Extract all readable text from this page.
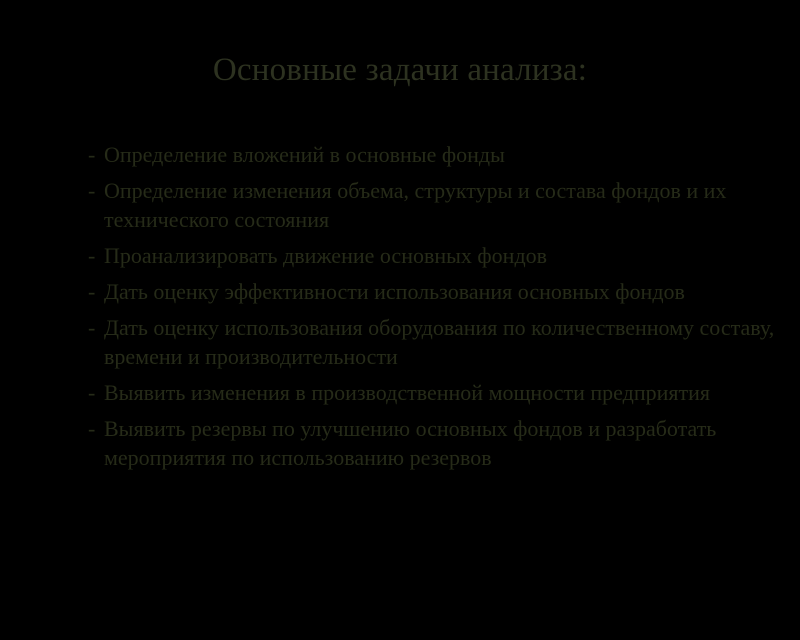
Основные задачи анализа:
- Определение вложений в основные фонды
- Определение изменения объема, структуры и состава фондов и их технического состояния
- Проанализировать движение основных фондов
- Дать оценку эффективности использования основных фондов
- Дать оценку использования оборудования по количественному составу, времени и производительности
- Выявить изменения в производственной мощности предприятия
- Выявить резервы по улучшению основных фондов и разработать мероприятия по использованию резервов
